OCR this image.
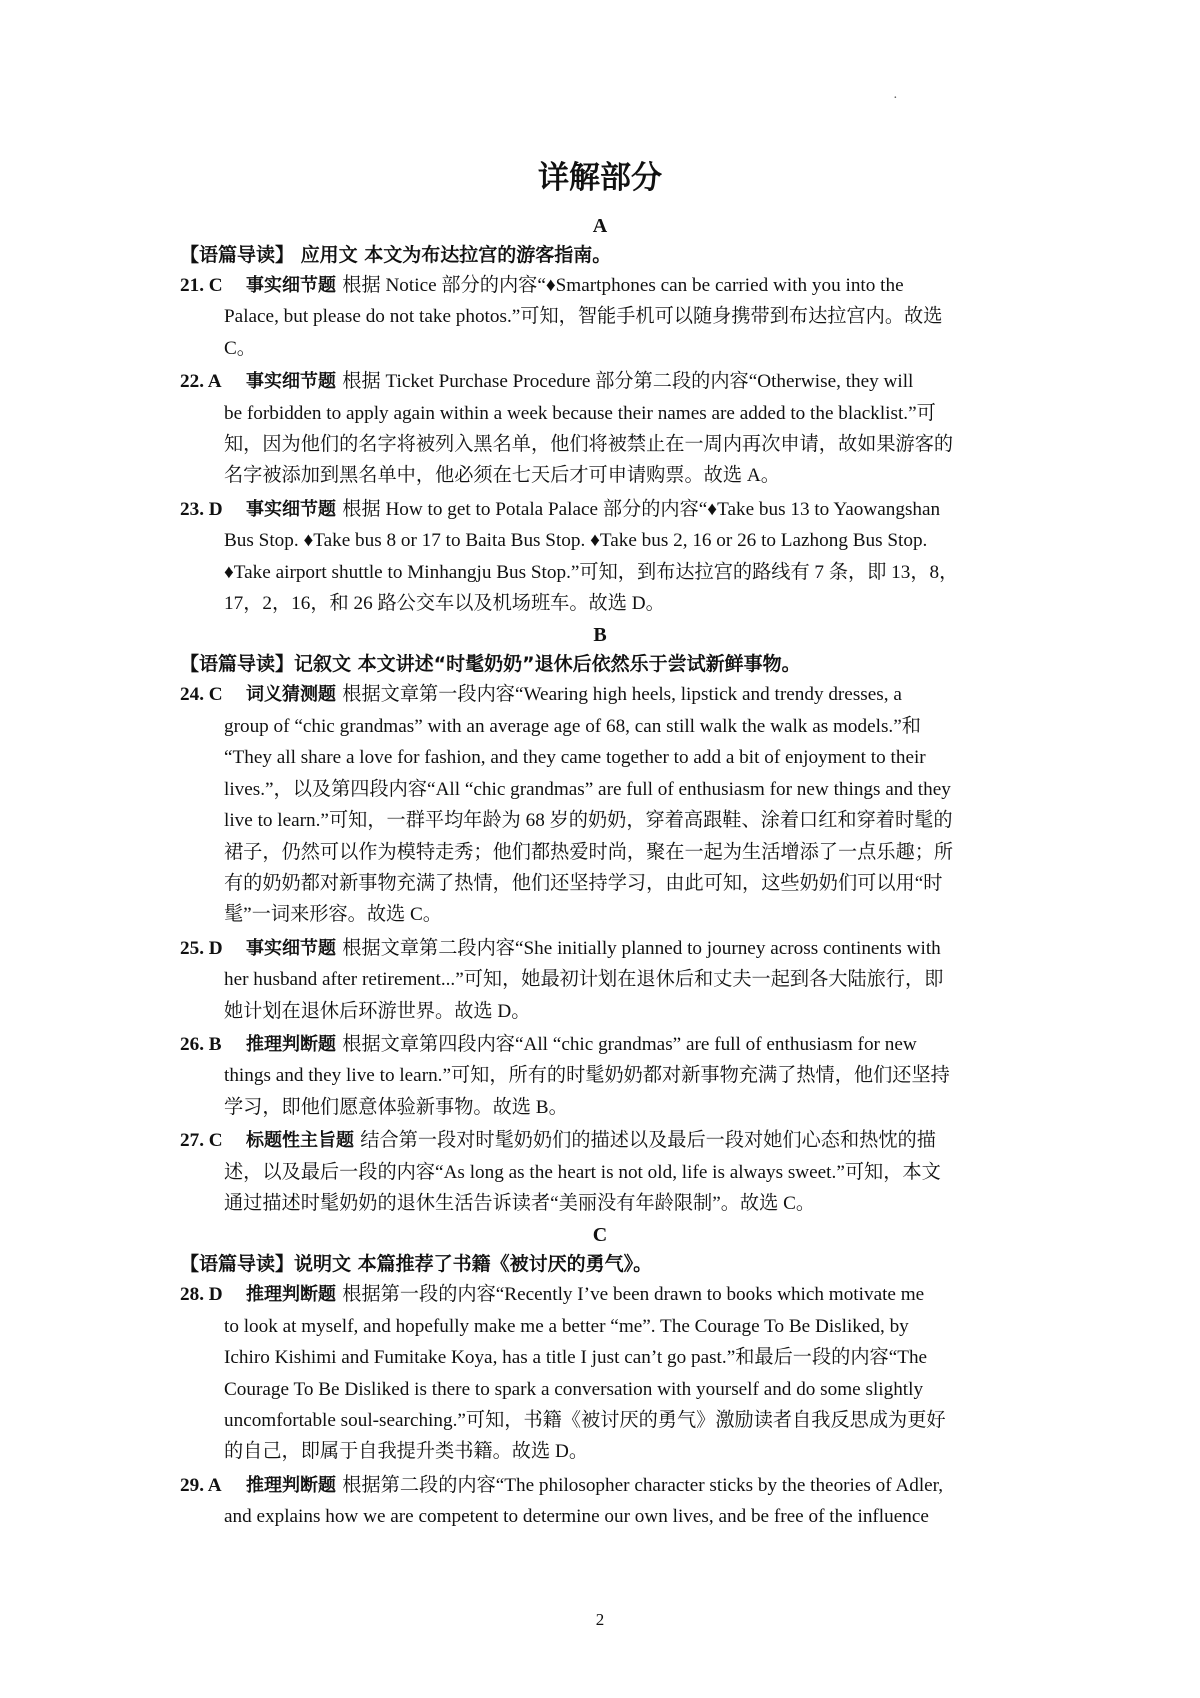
·
详解部分
A
【语篇导读】 应用文 本文为布达拉宫的游客指南。
21. C	事实细节题 根据 Notice 部分的内容“♦Smartphones can be carried with you into the
Palace, but please do not take photos.”可知，智能手机可以随身携带到布达拉宫内。故选
C。
22. A	事实细节题 根据 Ticket Purchase Procedure 部分第二段的内容“Otherwise, they will
be forbidden to apply again within a week because their names are added to the blacklist.”可
知，因为他们的名字将被列入黑名单，他们将被禁止在一周内再次申请，故如果游客的
名字被添加到黑名单中，他必须在七天后才可申请购票。故选 A。
23. D	事实细节题 根据 How to get to Potala Palace 部分的内容“♦Take bus 13 to Yaowangshan
Bus Stop. ♦Take bus 8 or 17 to Baita Bus Stop. ♦Take bus 2, 16 or 26 to Lazhong Bus Stop.
♦Take airport shuttle to Minhangju Bus Stop.”可知，到布达拉宫的路线有 7 条，即 13，8，
17，2，16，和 26 路公交车以及机场班车。故选 D。
B
【语篇导读】记叙文 本文讲述“时髦奶奶”退休后依然乐于尝试新鲜事物。
24. C	词义猜测题 根据文章第一段内容“Wearing high heels, lipstick and trendy dresses, a
group of “chic grandmas” with an average age of 68, can still walk the walk as models.”和
“They all share a love for fashion, and they came together to add a bit of enjoyment to their
lives.”，以及第四段内容“All “chic grandmas” are full of enthusiasm for new things and they
live to learn.”可知，一群平均年龄为 68 岁的奶奶，穿着高跟鞋、涂着口红和穿着时髦的
裙子，仍然可以作为模特走秀；他们都热爱时尚，聚在一起为生活增添了一点乐趣；所
有的奶奶都对新事物充满了热情，他们还坚持学习，由此可知，这些奶奶们可以用“时
髦”一词来形容。故选 C。
25. D	事实细节题 根据文章第二段内容“She initially planned to journey across continents with
her husband after retirement...”可知，她最初计划在退休后和丈夫一起到各大陆旅行，即
她计划在退休后环游世界。故选 D。
26. B	推理判断题 根据文章第四段内容“All “chic grandmas” are full of enthusiasm for new
things and they live to learn.”可知，所有的时髦奶奶都对新事物充满了热情，他们还坚持
学习，即他们愿意体验新事物。故选 B。
27. C	标题性主旨题 结合第一段对时髦奶奶们的描述以及最后一段对她们心态和热忱的描
述，以及最后一段的内容“As long as the heart is not old, life is always sweet.”可知，本文
通过描述时髦奶奶的退休生活告诉读者“美丽没有年龄限制”。故选 C。
C
【语篇导读】说明文 本篇推荐了书籍《被讨厌的勇气》。
28. D	推理判断题 根据第一段的内容“Recently I’ve been drawn to books which motivate me
to look at myself, and hopefully make me a better “me”. The Courage To Be Disliked, by
Ichiro Kishimi and Fumitake Koya, has a title I just can’t go past.”和最后一段的内容“The
Courage To Be Disliked is there to spark a conversation with yourself and do some slightly
uncomfortable soul-searching.”可知，书籍《被讨厌的勇气》激励读者自我反思成为更好
的自己，即属于自我提升类书籍。故选 D。
29. A	推理判断题 根据第二段的内容“The philosopher character sticks by the theories of Adler,
and explains how we are competent to determine our own lives, and be free of the influence
2
